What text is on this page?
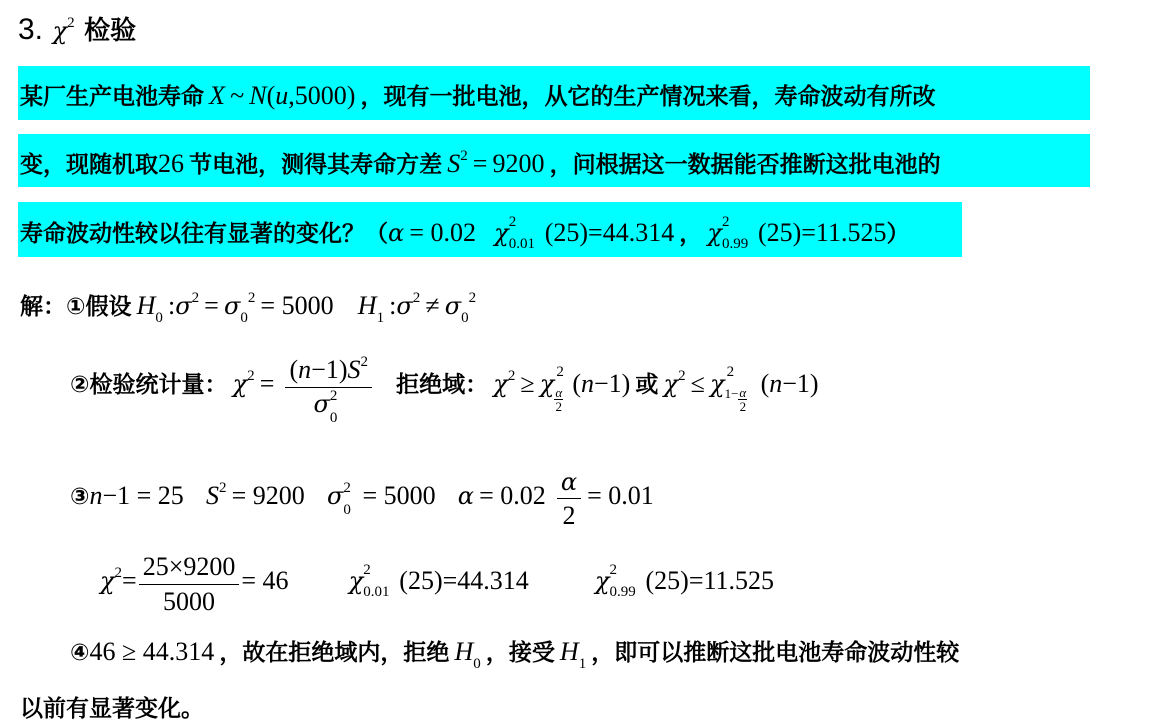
3. $\chi^2$ 检验
某厂生产电池寿命 X ~ N(u,5000) ，现有一批电池，从它的生产情况来看，寿命波动有所改
变，现随机取26 节电池，测得其寿命方差 $S^2 = 9200$ ，问根据这一数据能否推断这批电池的
寿命波动性较以往有显著的变化？（α = 0.02 χ 2
0.01 (25)=44.314 ， χ 2
0.99 (25)=11.525）
解：①假设 $H_0$ $:\sigma^2 = \sigma_0^2 = 5000$ $H_1$ $:\sigma^2 \ne \sigma_0^2$
②检验统计量： $\chi^2 = (n-1)S^2$
σ 2
0 拒绝域： $\chi^2 \ge \chi$ 2
α
2
(n−1) 或 $\chi^2 \le \chi$ 2
$^{1-} \frac{\alpha}{2}$
(n−1)
③n−1 = 25 $S^2 = 9200$ σ 2
0 = 5000 $\alpha = 0.02 \frac{\alpha}{2} = 0.01$
$\chi^2= \frac{25\times 9200}{5000} = 46$	χ 2
0.01 (25)=44.314	χ 2
0.99 (25)=11.525
④46 ≥ 44.314 ，故在拒绝域内，拒绝 $H_0$ ，接受 $H_1$ ，即可以推断这批电池寿命波动性较
以前有显著变化。
